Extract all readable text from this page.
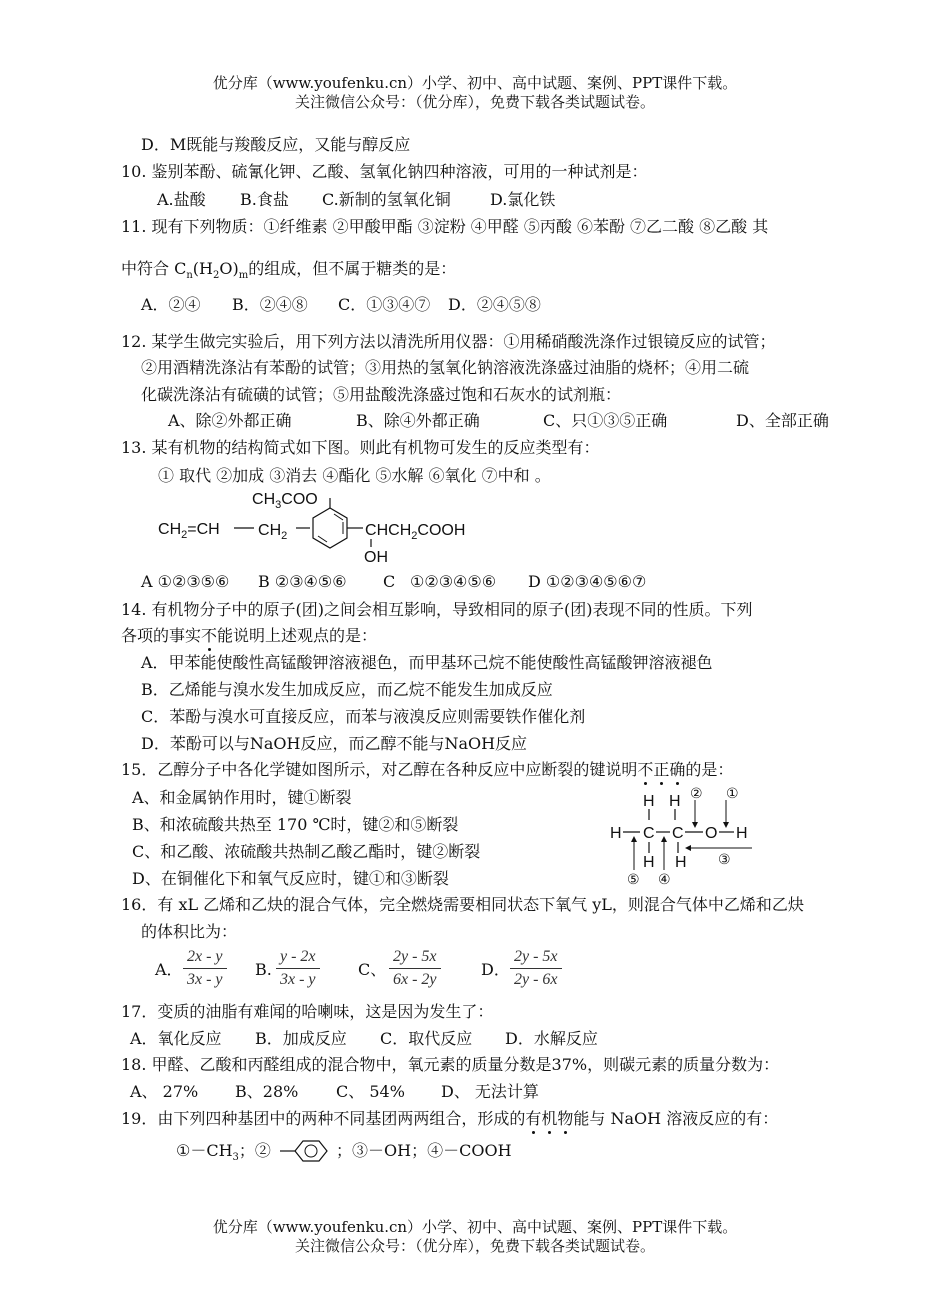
优分库（www.youfenku.cn）小学、初中、高中试题、案例、PPT课件下载。
关注微信公众号：（优分库），免费下载各类试题试卷。
D．M既能与羧酸反应，又能与醇反应
10. 鉴别苯酚、硫氰化钾、乙酸、氢氧化钠四种溶液，可用的一种试剂是：
A.盐酸 B.食盐 C.新制的氢氧化铜 D.氯化铁
11. 现有下列物质：①纤维素 ②甲酸甲酯 ③淀粉 ④甲醛 ⑤丙酸 ⑥苯酚 ⑦乙二酸 ⑧乙酸 其
中符合 $C_n(H_2O)_m$的组成，但不属于糖类的是：
A．②④ B．②④⑧ C．①③④⑦ D．②④⑤⑧
12. 某学生做完实验后，用下列方法以清洗所用仪器：①用稀硝酸洗涤作过银镜反应的试管；
②用酒精洗涤沾有苯酚的试管；③用热的氢氧化钠溶液洗涤盛过油脂的烧杯；④用二硫
化碳洗涤沾有硫磺的试管；⑤用盐酸洗涤盛过饱和石灰水的试剂瓶：
A、除②外都正确	B、除④外都正确	C、只①③⑤正确	D、全部正确
13. 某有机物的结构简式如下图。则此有机物可发生的反应类型有：
① 取代 ②加成 ③消去 ④酯化 ⑤水解 ⑥氧化 ⑦中和 。
$CH_3COO$
$CH_2=CH$ $CH_2$	$CHCH_2COOH$
OH
A ①②③⑤⑥ B ②③④⑤⑥ C ①②③④⑤⑥ D ①②③④⑤⑥⑦
14. 有机物分子中的原子(团)之间会相互影响，导致相同的原子(团)表现不同的性质。下列
各项的事实不能说明上述观点的是：
A．甲苯能使酸性高锰酸钾溶液褪色，而甲基环己烷不能使酸性高锰酸钾溶液褪色
B．乙烯能与溴水发生加成反应，而乙烷不能发生加成反应
C．苯酚与溴水可直接反应，而苯与液溴反应则需要铁作催化剂
D．苯酚可以与NaOH反应，而乙醇不能与NaOH反应
15．乙醇分子中各化学键如图所示，对乙醇在各种反应中应断裂的键说明不正确的是：
A、和金属钠作用时，键①断裂
B、和浓硫酸共热至 170 ℃时，键②和⑤断裂
C、和乙酸、浓硫酸共热制乙酸乙酯时，键②断裂
D、在铜催化下和氧气反应时，键①和③断裂
H H
H C C O H
H H
② ①
③
⑤ ④
16．有 xL 乙烯和乙炔的混合气体，完全燃烧需要相同状态下氧气 yL，则混合气体中乙烯和乙炔
的体积比为：
A． $\frac{2x - y}{3x - y} B$. $\frac{y - 2x}{3x - y}$ C、 $\frac{2y - 5x}{6x - 2y}$	D． $\frac{2y - 5x}{2y - 6x}$
17．变质的油脂有难闻的哈喇味，这是因为发生了：
A．氧化反应 B．加成反应 C．取代反应 D．水解反应
18. 甲醛、乙酸和丙醛组成的混合物中，氧元素的质量分数是37%，则碳元素的质量分数为：
A、 27% B、28% C、 54% D、 无法计算
19．由下列四种基团中的两种不同基团两两组合，形成的有机物能与 NaOH 溶液反应的有：
$①-CH_3$；②	；③－OH；④－COOH
优分库（www.youfenku.cn）小学、初中、高中试题、案例、PPT课件下载。
关注微信公众号：（优分库），免费下载各类试题试卷。
